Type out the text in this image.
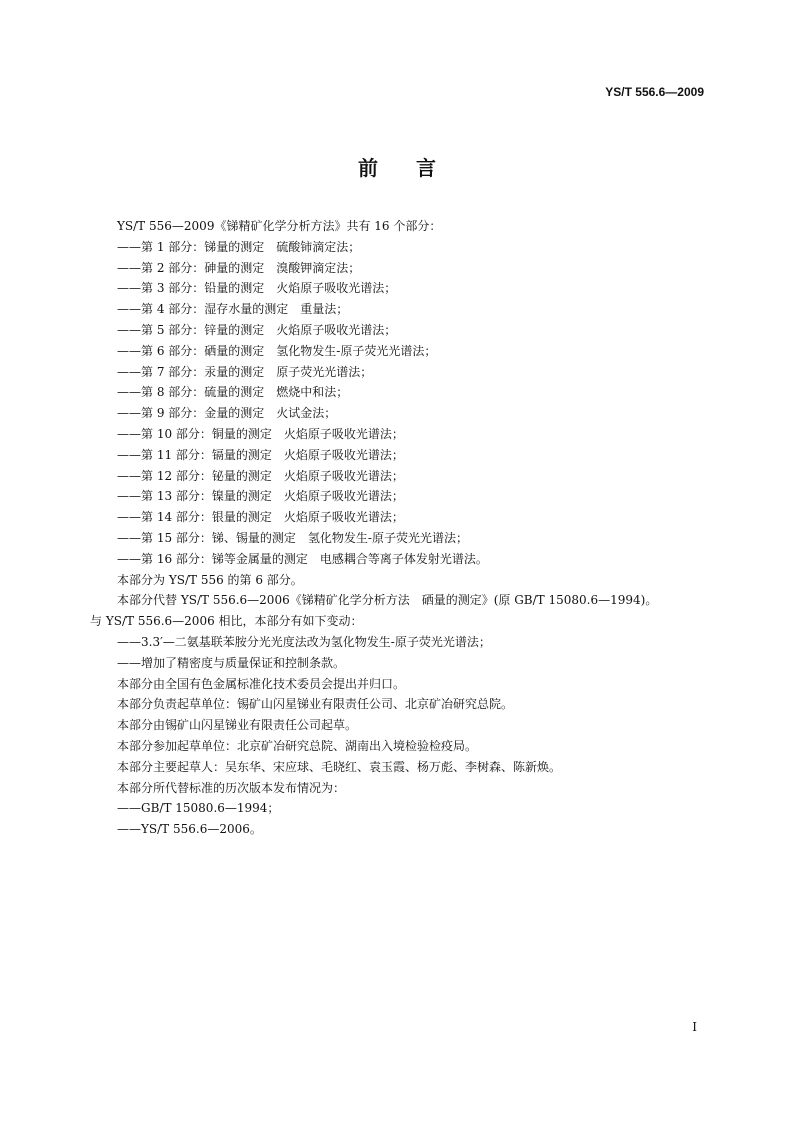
YS/T 556.6—2009
前言
YS/T 556—2009《锑精矿化学分析方法》共有 16 个部分：
——第 1 部分：锑量的测定　硫酸铈滴定法；
——第 2 部分：砷量的测定　溴酸钾滴定法；
——第 3 部分：铅量的测定　火焰原子吸收光谱法；
——第 4 部分：湿存水量的测定　重量法；
——第 5 部分：锌量的测定　火焰原子吸收光谱法；
——第 6 部分：硒量的测定　氢化物发生-原子荧光光谱法；
——第 7 部分：汞量的测定　原子荧光光谱法；
——第 8 部分：硫量的测定　燃烧中和法；
——第 9 部分：金量的测定　火试金法；
——第 10 部分：铜量的测定　火焰原子吸收光谱法；
——第 11 部分：镉量的测定　火焰原子吸收光谱法；
——第 12 部分：铋量的测定　火焰原子吸收光谱法；
——第 13 部分：镍量的测定　火焰原子吸收光谱法；
——第 14 部分：银量的测定　火焰原子吸收光谱法；
——第 15 部分：锑、锡量的测定　氢化物发生-原子荧光光谱法；
——第 16 部分：锑等金属量的测定　电感耦合等离子体发射光谱法。
本部分为 YS/T 556 的第 6 部分。
本部分代替 YS/T 556.6—2006《锑精矿化学分析方法　硒量的测定》(原 GB/T 15080.6—1994)。
与 YS/T 556.6—2006 相比，本部分有如下变动：
——3.3′—二氨基联苯胺分光光度法改为氢化物发生-原子荧光光谱法；
——增加了精密度与质量保证和控制条款。
本部分由全国有色金属标准化技术委员会提出并归口。
本部分负责起草单位：锡矿山闪星锑业有限责任公司、北京矿冶研究总院。
本部分由锡矿山闪星锑业有限责任公司起草。
本部分参加起草单位：北京矿冶研究总院、湖南出入境检验检疫局。
本部分主要起草人：吴东华、宋应球、毛晓红、袁玉霞、杨万彪、李树森、陈新焕。
本部分所代替标准的历次版本发布情况为：
——GB/T 15080.6—1994；
——YS/T 556.6—2006。
I
